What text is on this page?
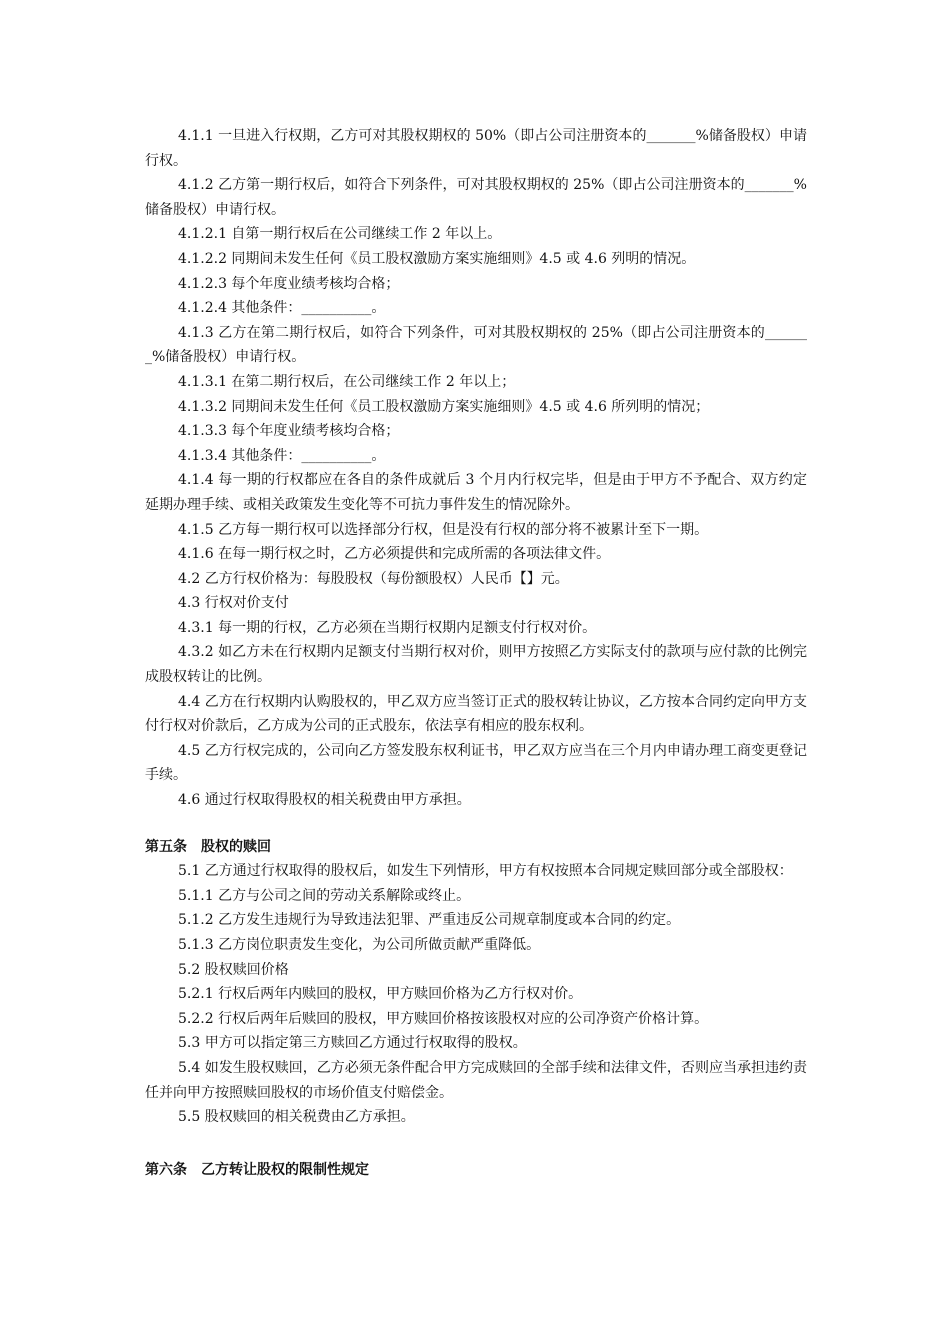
4.1.1 一旦进入行权期，乙方可对其股权期权的 50%（即占公司注册资本的_______%储备股权）申请行权。

4.1.2 乙方第一期行权后，如符合下列条件，可对其股权期权的 25%（即占公司注册资本的_______%储备股权）申请行权。

4.1.2.1 自第一期行权后在公司继续工作 2 年以上。

4.1.2.2 同期间未发生任何《员工股权激励方案实施细则》4.5 或 4.6 列明的情况。

4.1.2.3 每个年度业绩考核均合格；

4.1.2.4 其他条件：__________。

4.1.3 乙方在第二期行权后，如符合下列条件，可对其股权期权的 25%（即占公司注册资本的_______%储备股权）申请行权。

4.1.3.1 在第二期行权后，在公司继续工作 2 年以上；

4.1.3.2 同期间未发生任何《员工股权激励方案实施细则》4.5 或 4.6 所列明的情况；

4.1.3.3 每个年度业绩考核均合格；

4.1.3.4 其他条件：__________。

4.1.4 每一期的行权都应在各自的条件成就后 3 个月内行权完毕，但是由于甲方不予配合、双方约定延期办理手续、或相关政策发生变化等不可抗力事件发生的情况除外。

4.1.5 乙方每一期行权可以选择部分行权，但是没有行权的部分将不被累计至下一期。

4.1.6 在每一期行权之时，乙方必须提供和完成所需的各项法律文件。

4.2 乙方行权价格为：每股股权（每份额股权）人民币【】元。

4.3 行权对价支付

4.3.1 每一期的行权，乙方必须在当期行权期内足额支付行权对价。

4.3.2 如乙方未在行权期内足额支付当期行权对价，则甲方按照乙方实际支付的款项与应付款的比例完成股权转让的比例。

4.4 乙方在行权期内认购股权的，甲乙双方应当签订正式的股权转让协议，乙方按本合同约定向甲方支付行权对价款后，乙方成为公司的正式股东，依法享有相应的股东权利。

4.5 乙方行权完成的，公司向乙方签发股东权利证书，甲乙双方应当在三个月内申请办理工商变更登记手续。

4.6 通过行权取得股权的相关税费由甲方承担。

第五条　股权的赎回

5.1 乙方通过行权取得的股权后，如发生下列情形，甲方有权按照本合同规定赎回部分或全部股权：

5.1.1 乙方与公司之间的劳动关系解除或终止。

5.1.2 乙方发生违规行为导致违法犯罪、严重违反公司规章制度或本合同的约定。

5.1.3 乙方岗位职责发生变化，为公司所做贡献严重降低。

5.2 股权赎回价格

5.2.1 行权后两年内赎回的股权，甲方赎回价格为乙方行权对价。

5.2.2 行权后两年后赎回的股权，甲方赎回价格按该股权对应的公司净资产价格计算。

5.3 甲方可以指定第三方赎回乙方通过行权取得的股权。

5.4 如发生股权赎回，乙方必须无条件配合甲方完成赎回的全部手续和法律文件，否则应当承担违约责任并向甲方按照赎回股权的市场价值支付赔偿金。

5.5 股权赎回的相关税费由乙方承担。

第六条　乙方转让股权的限制性规定
